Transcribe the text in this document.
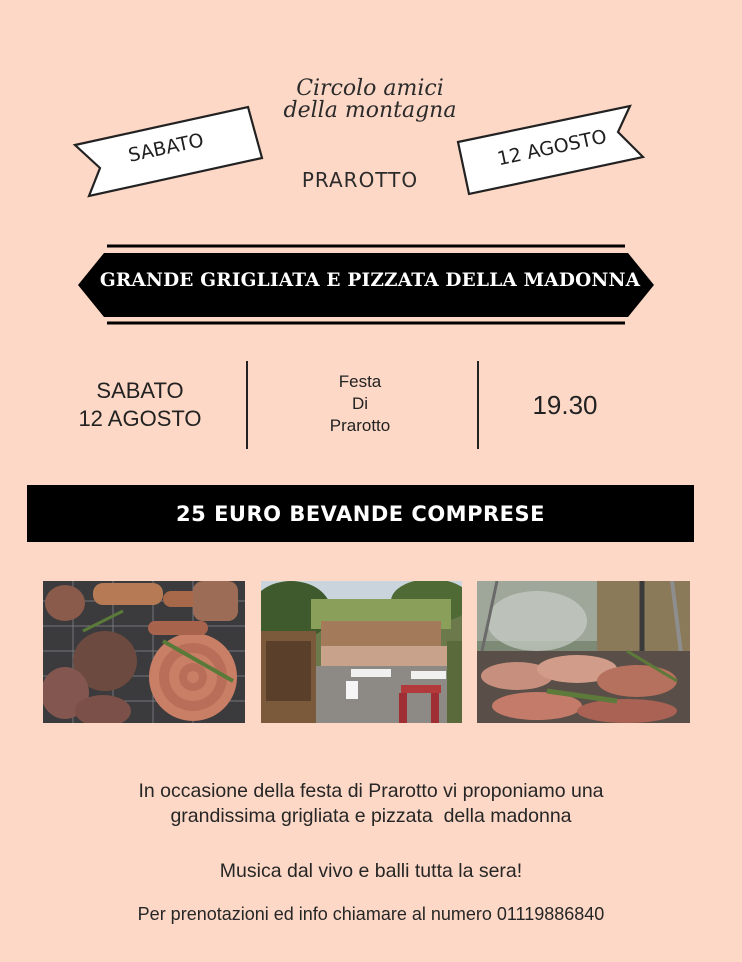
Circolo amici
della montagna
PRAROTTO
SABATO	12 AGOSTO
GRANDE GRIGLIATA E PIZZATA DELLA MADONNA
SABATO
12 AGOSTO
Festa
Di
Prarotto
19.30
25 EURO BEVANDE COMPRESE
In occasione della festa di Prarotto vi proponiamo una
grandissima grigliata e pizzata  della madonna
Musica dal vivo e balli tutta la sera!
Per prenotazioni ed info chiamare al numero 01119886840
